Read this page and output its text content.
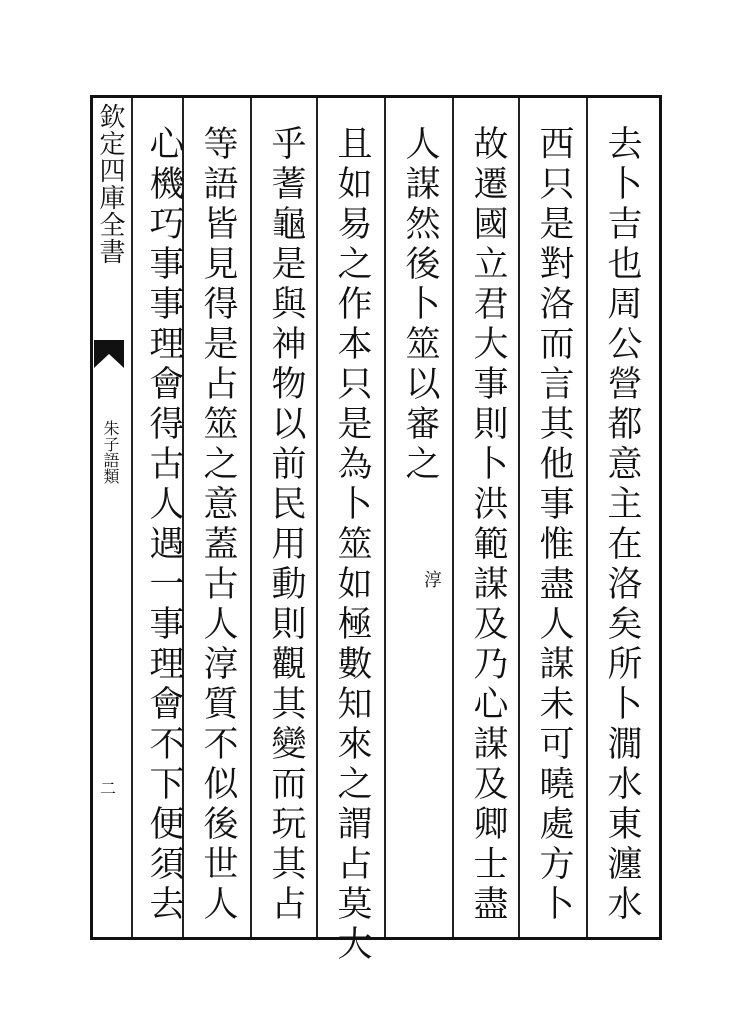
欽定四庫全書
朱子語類
二	去卜吉也周公營都意主在洛矣所卜㵎水東瀍水
西只是對洛而言其他事惟盡人謀未可曉處方卜
故遷國立君大事則卜洪範謀及乃心謀及卿士盡
人謀然後卜筮以審之
淳
且如易之作本只是為卜筮如極數知來之謂占莫大
乎蓍龜是與神物以前民用動則觀其變而玩其占
等語皆見得是占筮之意蓋古人淳質不似後世人
心機巧事事理會得古人遇一事理會不下便須去
